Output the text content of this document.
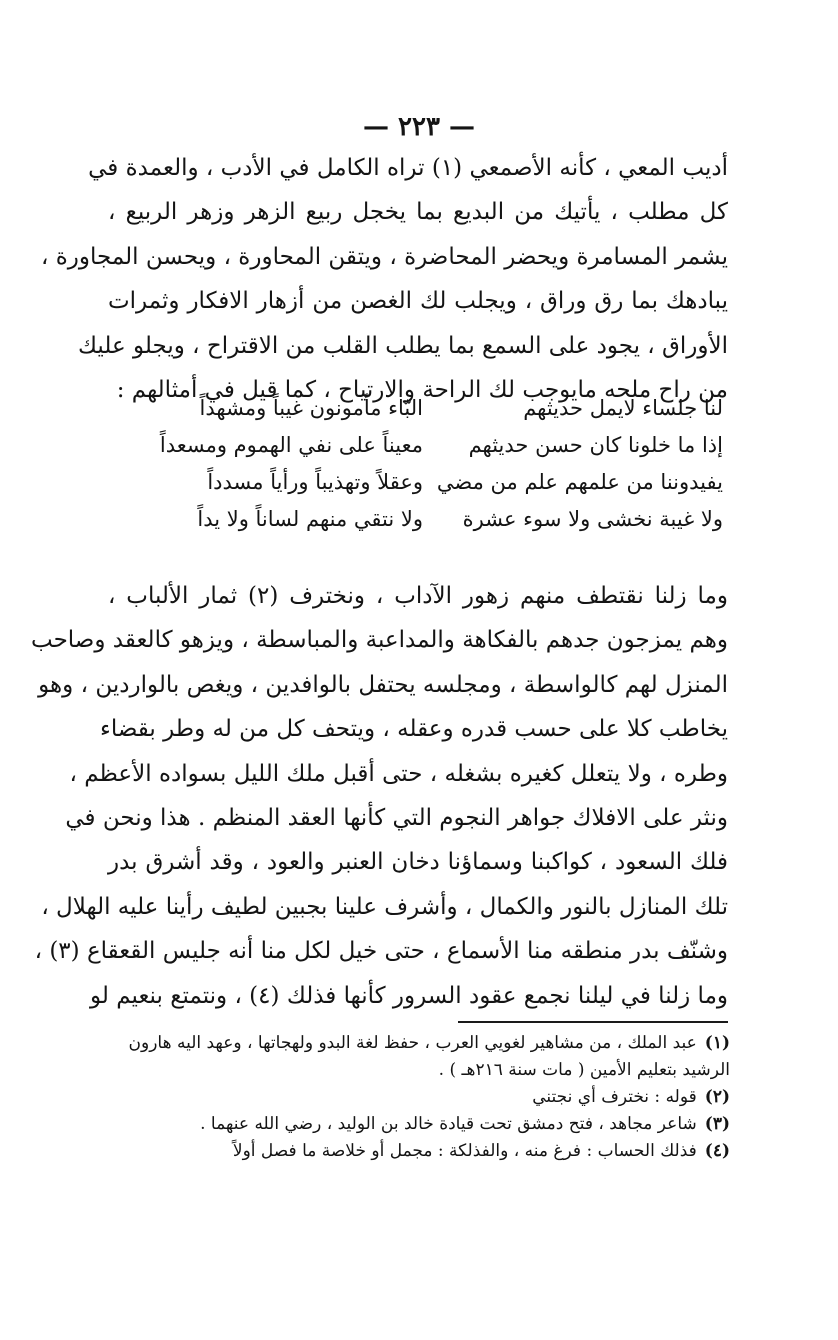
— ٢٢٣ —
أديب المعي ، كأنه الأصمعي (١) تراه الكامل في الأدب ، والعمدة في
كل مطلب ، يأتيك من البديع بما يخجل ربيع الزهر وزهر الربيع ،
يشمر المسامرة ويحضر المحاضرة ، ويتقن المحاورة ، ويحسن المجاورة ،
يبادهك بما رق وراق ، ويجلب لك الغصن من أزهار الافكار وثمرات
الأوراق ، يجود على السمع بما يطلب القلب من الاقتراح ، ويجلو عليك
من راح ملحه مايوجب لك الراحة والارتياح ، كما قيل في أمثالهم :
لنا جلساء لايمل حديثهمالبّاء مأمونون غيباً ومشهداً
إذا ما خلونا كان حسن حديثهممعيناً على نفي الهموم ومسعداً
يفيدوننا من علمهم علم من مضيوعقلاً وتهذيباً ورأياً مسدداً
ولا غيبة نخشى ولا سوء عشرةولا نتقي منهم لساناً ولا يداً
وما زلنا نقتطف منهم زهور الآداب ، ونخترف (٢) ثمار الألباب ،
وهم يمزجون جدهم بالفكاهة والمداعبة والمباسطة ، ويزهو كالعقد وصاحب
المنزل لهم كالواسطة ، ومجلسه يحتفل بالوافدين ، ويغص بالواردين ، وهو
يخاطب كلا على حسب قدره وعقله ، ويتحف كل من له وطر بقضاء
وطره ، ولا يتعلل كغيره بشغله ، حتى أقبل ملك الليل بسواده الأعظم ،
ونثر على الافلاك جواهر النجوم التي كأنها العقد المنظم . هذا ونحن في
فلك السعود ، كواكبنا وسماؤنا دخان العنبر والعود ، وقد أشرق بدر
تلك المنازل بالنور والكمال ، وأشرف علينا بجبين لطيف رأينا عليه الهلال ،
وشنّف بدر منطقه منا الأسماع ، حتى خيل لكل منا أنه جليس القعقاع (٣) ،
وما زلنا في ليلنا نجمع عقود السرور كأنها فذلك (٤) ، ونتمتع بنعيم لو
(١)عبد الملك ، من مشاهير لغويي العرب ، حفظ لغة البدو ولهجاتها ، وعهد اليه هارون الرشيد بتعليم الأمين ( مات سنة ٢١٦هـ ) .
(٢)قوله : نخترف أي نجتني
(٣)شاعر مجاهد ، فتح دمشق تحت قيادة خالد بن الوليد ، رضي الله عنهما .
(٤)فذلك الحساب : فرغ منه ، والفذلكة : مجمل أو خلاصة ما فصل أولاً
